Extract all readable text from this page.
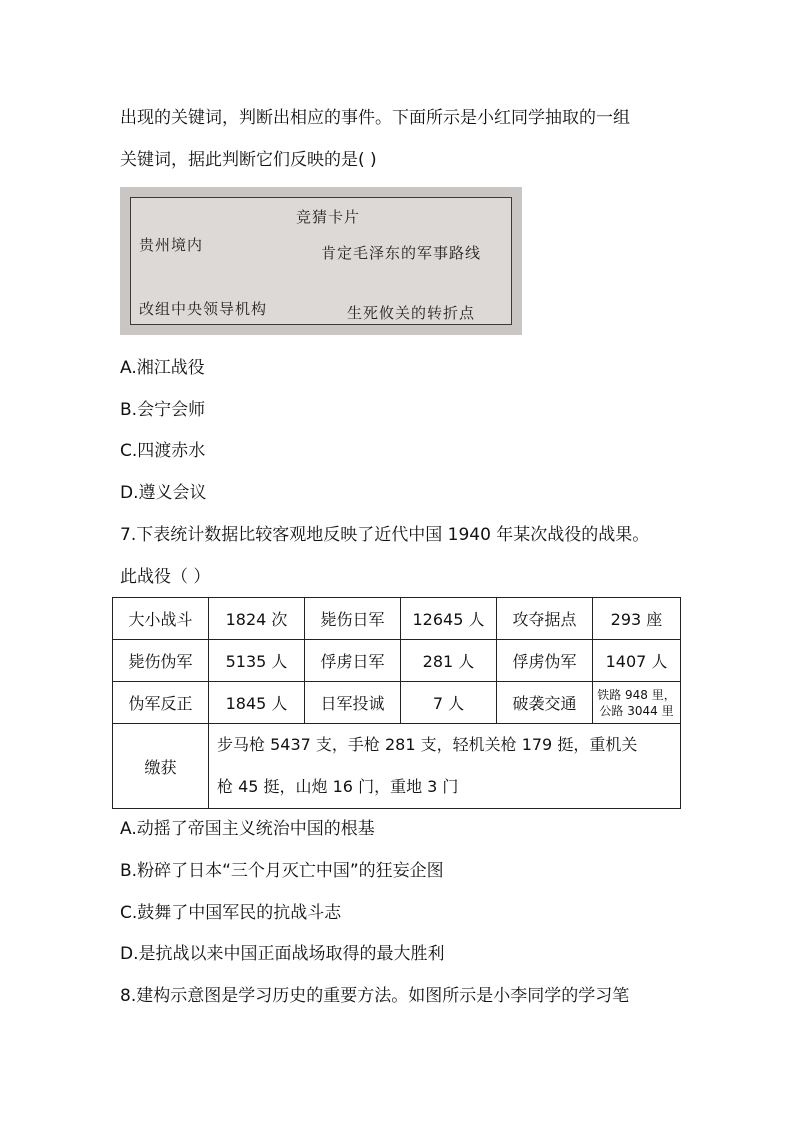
出现的关键词，判断出相应的事件。下面所示是小红同学抽取的一组
关键词，据此判断它们反映的是( )
竞猜卡片
贵州境内	肯定毛泽东的军事路线
改组中央领导机构	生死攸关的转折点
A.湘江战役
B.会宁会师
C.四渡赤水
D.遵义会议
7.下表统计数据比较客观地反映了近代中国 1940 年某次战役的战果。
此战役（ ）
大小战斗	1824 次	毙伤日军	12645 人	攻夺据点	293 座
毙伤伪军	5135 人	俘虏日军	281 人	俘虏伪军	1407 人
伪军反正	1845 人	日军投诚	7 人	破袭交通	铁路 948 里，
公路 3044 里

缴获	步马枪 5437 支，手枪 281 支，轻机关枪 179 挺，重机关
枪 45 挺，山炮 16 门，重地 3 门				
A.动摇了帝国主义统治中国的根基
B.粉碎了日本“三个月灭亡中国”的狂妄企图
C.鼓舞了中国军民的抗战斗志
D.是抗战以来中国正面战场取得的最大胜利
8.建构示意图是学习历史的重要方法。如图所示是小李同学的学习笔
